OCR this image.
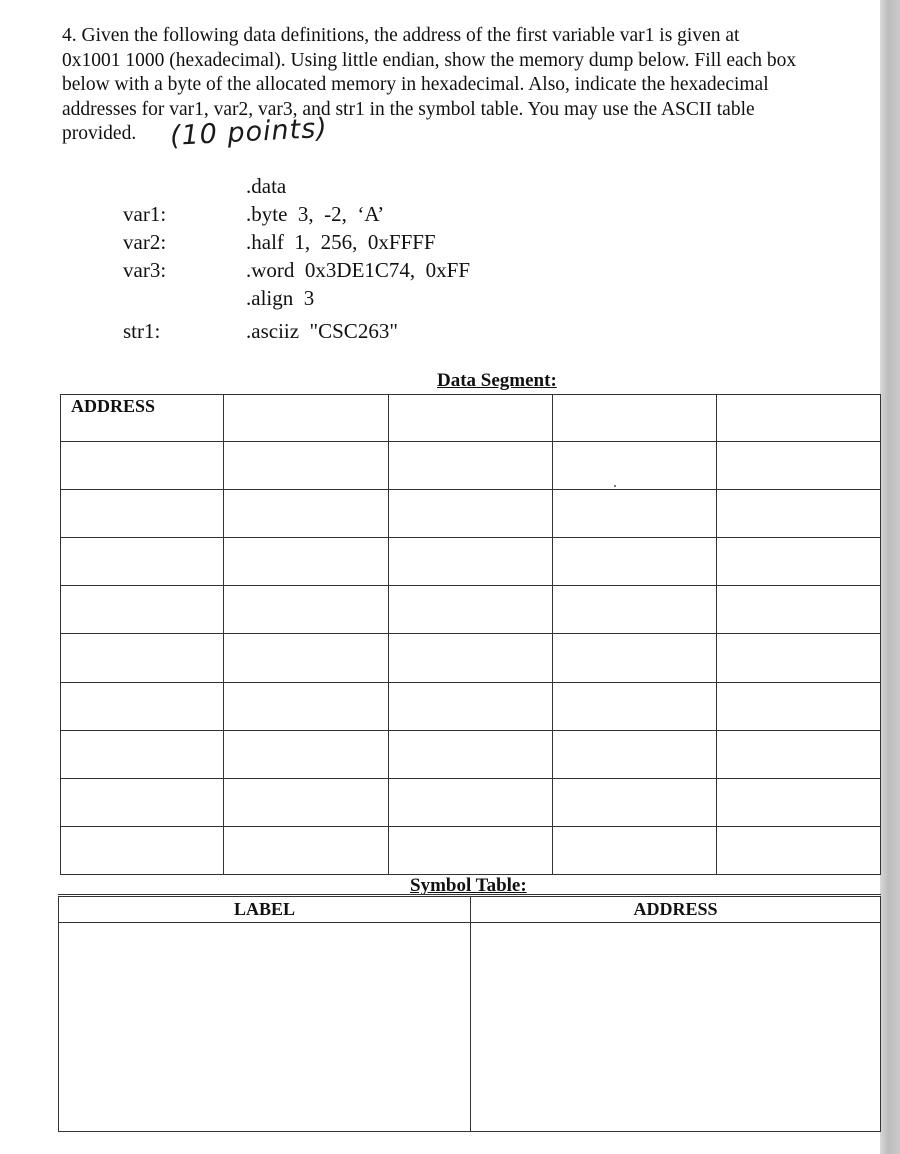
4. Given the following data definitions, the address of the first variable var1 is given at

0x1001 1000 (hexadecimal). Using little endian, show the memory dump below. Fill each box

below with a byte of the allocated memory in hexadecimal. Also, indicate the hexadecimal

addresses for var1, var2, var3, and str1 in the symbol table. You may use the ASCII table

provided.	(10 points)
.data
var1:	.byte  3,  -2,  ‘A’
var2:	.half  1,  256,  0xFFFF
var3:	.word  0x3DE1C74,  0xFF
.align  3
str1:	.asciiz  "CSC263"
Data Segment:
ADDRESS				

Symbol Table:
LABEL	ADDRESS
